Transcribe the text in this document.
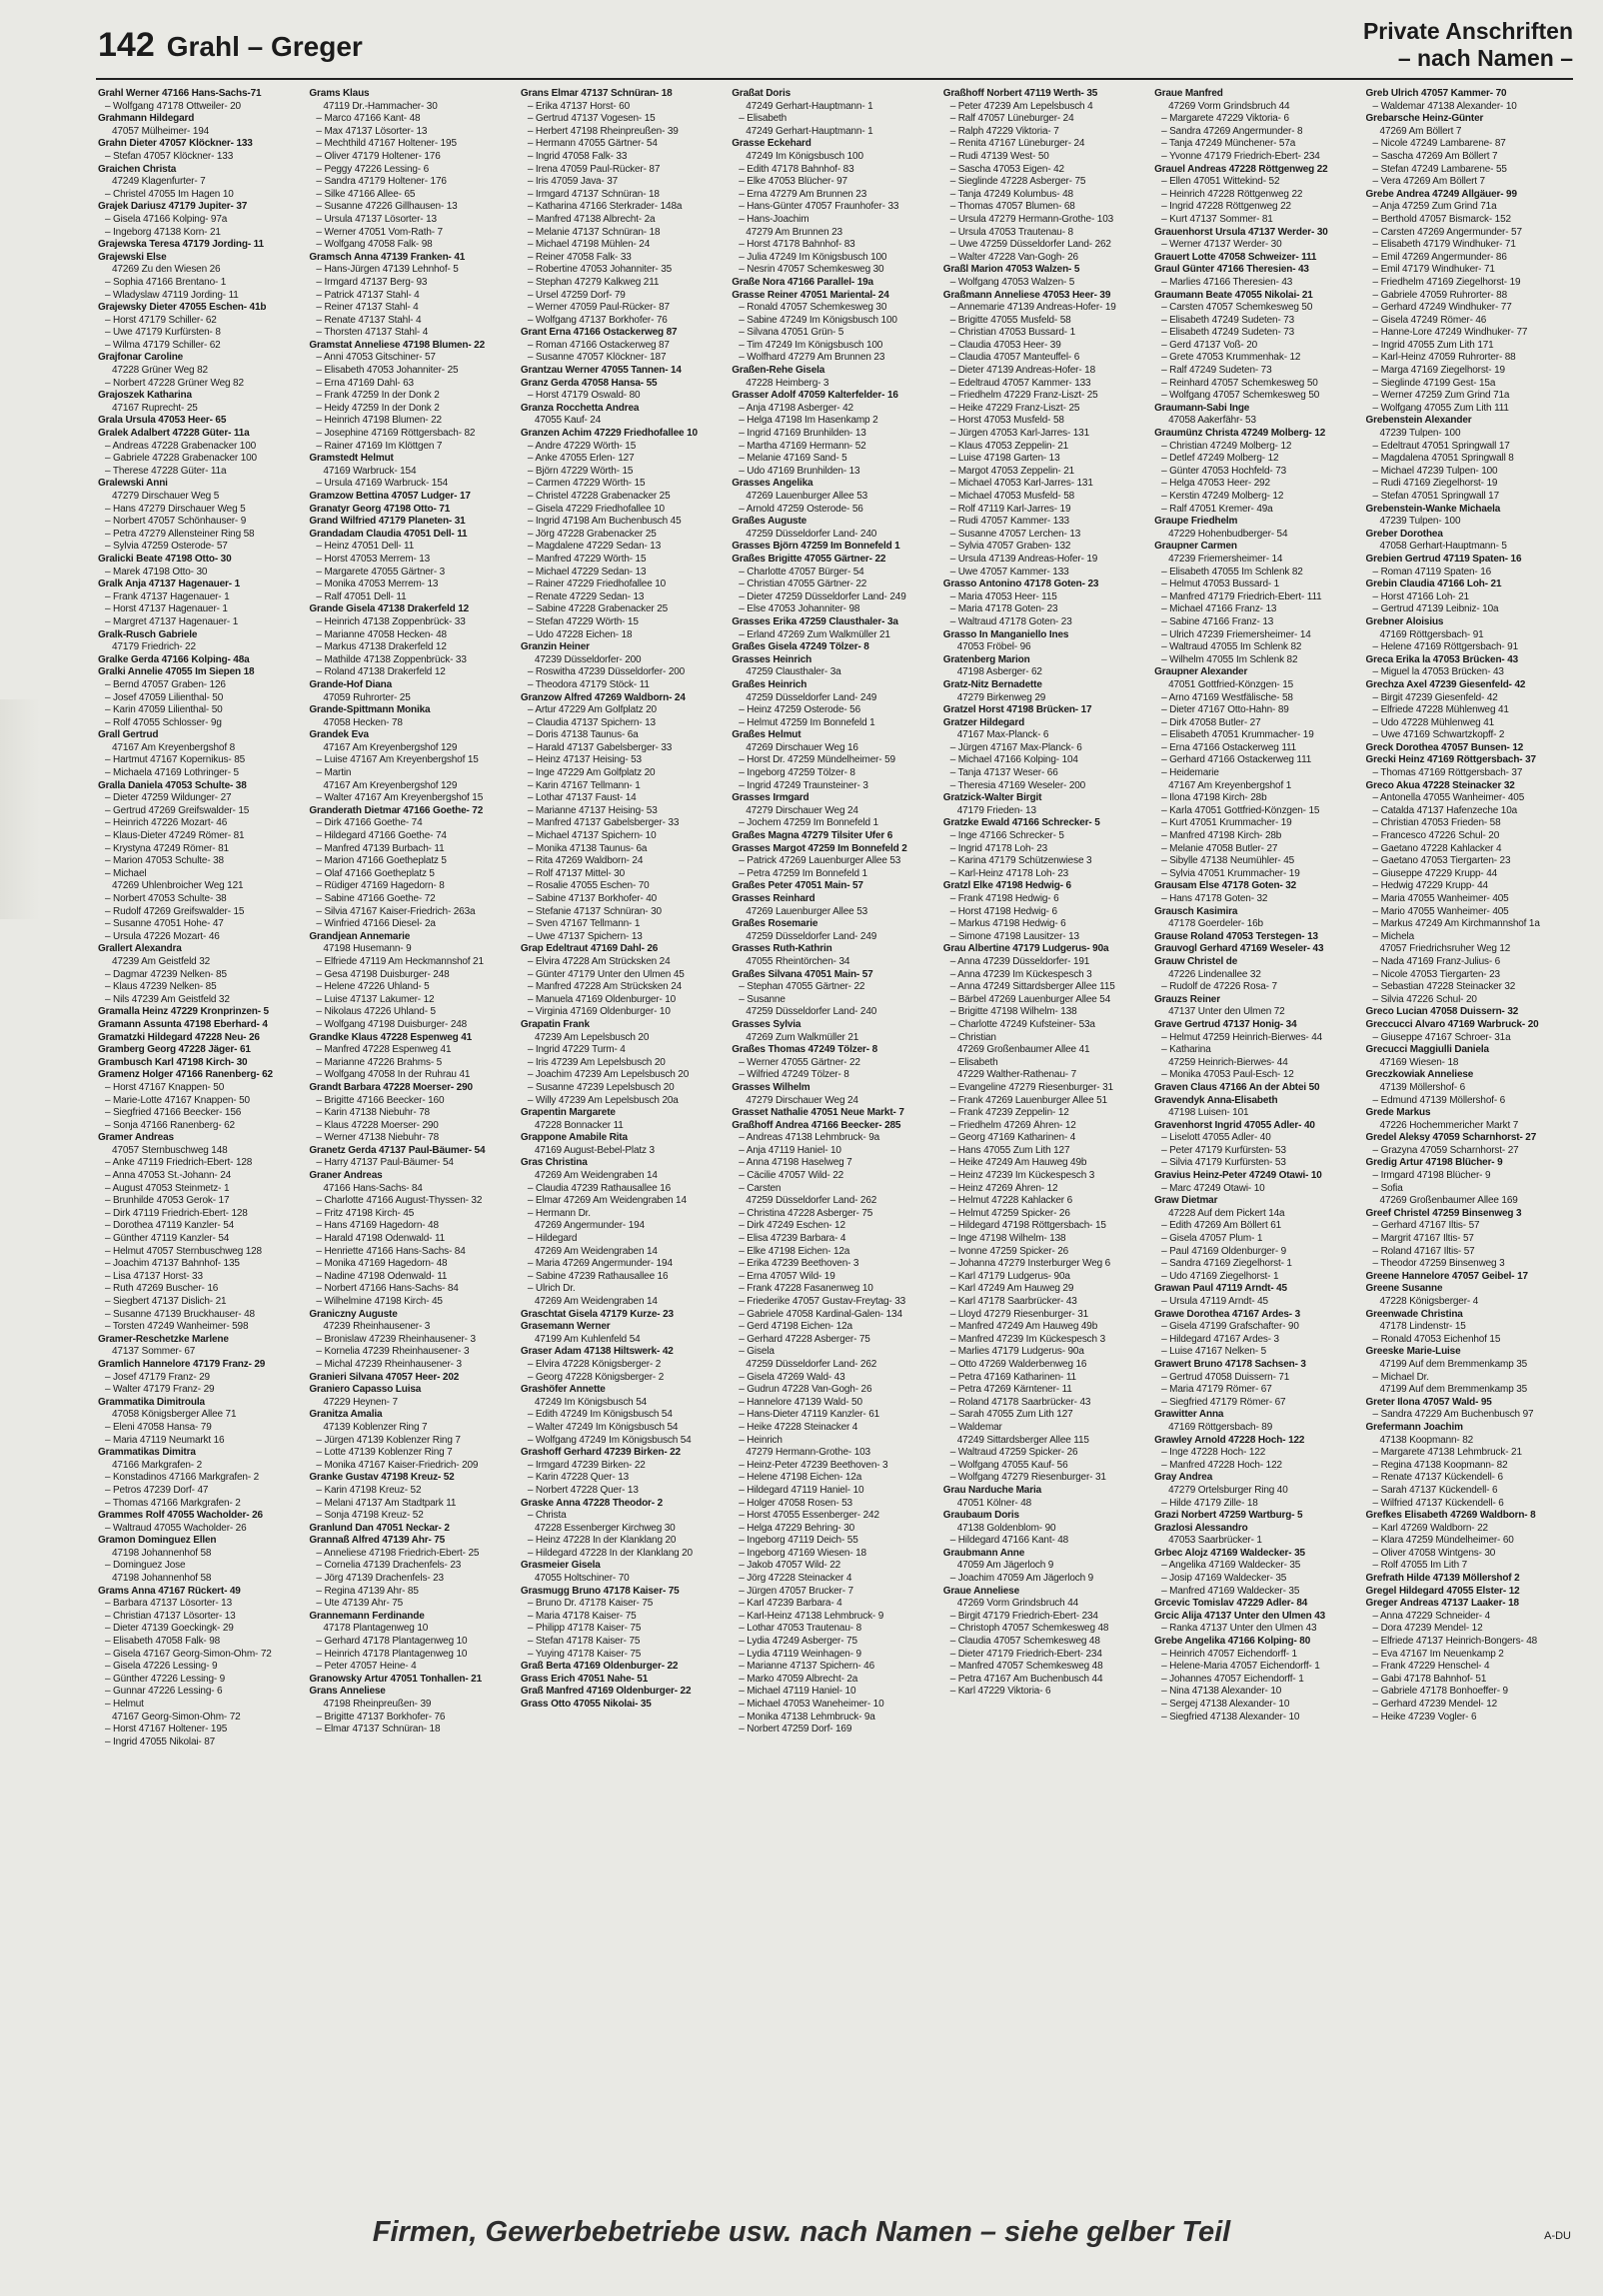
142 Grahl – Greger	Private Anschriften
– nach Namen –
Grahl Werner 47166 Hans-Sachs-71
– Wolfgang 47178 Ottweiler- 20
Grahmann Hildegard
47057 Mülheimer- 194
Grahn Dieter 47057 Klöckner- 133
– Stefan 47057 Klöckner- 133
Graichen Christa
47249 Klagenfurter- 7
– Christel 47055 Im Hagen 10
Grajek Dariusz 47179 Jupiter- 37
– Gisela 47166 Kolping- 97a
– Ingeborg 47138 Korn- 21
Grajewska Teresa 47179 Jording- 11
Grajewski Else
47269 Zu den Wiesen 26
– Sophia 47166 Brentano- 1
– Wladyslaw 47119 Jording- 11
Grajewsky Dieter 47055 Eschen- 41b
– Horst 47179 Schiller- 62
– Uwe 47179 Kurfürsten- 8
– Wilma 47179 Schiller- 62
Grajfonar Caroline
47228 Grüner Weg 82
– Norbert 47228 Grüner Weg 82
Grajoszek Katharina
47167 Ruprecht- 25
Grala Ursula 47053 Heer- 65
Gralek Adalbert 47228 Güter- 11a
– Andreas 47228 Grabenacker 100
– Gabriele 47228 Grabenacker 100
– Therese 47228 Güter- 11a
Gralewski Anni
47279 Dirschauer Weg 5
– Hans 47279 Dirschauer Weg 5
– Norbert 47057 Schönhauser- 9
– Petra 47279 Allensteiner Ring 58
– Sylvia 47259 Osterode- 57
Gralicki Beate 47198 Otto- 30
– Marek 47198 Otto- 30
Gralk Anja 47137 Hagenauer- 1
– Frank 47137 Hagenauer- 1
– Horst 47137 Hagenauer- 1
– Margret 47137 Hagenauer- 1
Gralk-Rusch Gabriele
47179 Friedrich- 22
Gralke Gerda 47166 Kolping- 48a
Gralki Annelie 47055 Im Siepen 18
– Bernd 47057 Graben- 126
– Josef 47059 Lilienthal- 50
– Karin 47059 Lilienthal- 50
– Rolf 47055 Schlosser- 9g
Grall Gertrud
47167 Am Kreyenbergshof 8
– Hartmut 47167 Kopernikus- 85
– Michaela 47169 Lothringer- 5
Gralla Daniela 47053 Schulte- 38
– Dieter 47259 Wildunger- 27
– Gertrud 47269 Greifswalder- 15
– Heinrich 47226 Mozart- 46
– Klaus-Dieter 47249 Römer- 81
– Krystyna 47249 Römer- 81
– Marion 47053 Schulte- 38
– Michael
47269 Uhlenbroicher Weg 121
– Norbert 47053 Schulte- 38
– Rudolf 47269 Greifswalder- 15
– Susanne 47051 Hohe- 47
– Ursula 47226 Mozart- 46
Grallert Alexandra
47239 Am Geistfeld 32
– Dagmar 47239 Nelken- 85
– Klaus 47239 Nelken- 85
– Nils 47239 Am Geistfeld 32
Gramalla Heinz 47229 Kronprinzen- 5
Gramann Assunta 47198 Eberhard- 4
Gramatzki Hildegard 47228 Neu- 26
Gramberg Georg 47228 Jäger- 61
Grambusch Karl 47198 Kirch- 30
Gramenz Holger 47166 Ranenberg- 62
– Horst 47167 Knappen- 50
– Marie-Lotte 47167 Knappen- 50
– Siegfried 47166 Beecker- 156
– Sonja 47166 Ranenberg- 62
Gramer Andreas
47057 Sternbuschweg 148
– Anke 47119 Friedrich-Ebert- 128
– Anna 47053 St.-Johann- 24
– August 47053 Steinmetz- 1
– Brunhilde 47053 Gerok- 17
– Dirk 47119 Friedrich-Ebert- 128
– Dorothea 47119 Kanzler- 54
– Günther 47119 Kanzler- 54
– Helmut 47057 Sternbuschweg 128
– Joachim 47137 Bahnhof- 135
– Lisa 47137 Horst- 33
– Ruth 47269 Buscher- 16
– Siegbert 47137 Dislich- 21
– Susanne 47139 Bruckhauser- 48
– Torsten 47249 Wanheimer- 598
Gramer-Reschetzke Marlene
47137 Sommer- 67
Gramlich Hannelore 47179 Franz- 29
– Josef 47179 Franz- 29
– Walter 47179 Franz- 29
Grammatika Dimitroula
47058 Königsberger Allee 71
– Eleni 47058 Hansa- 79
– Maria 47119 Neumarkt 16
Grammatikas Dimitra
47166 Markgrafen- 2
– Konstadinos 47166 Markgrafen- 2
– Petros 47239 Dorf- 47
– Thomas 47166 Markgrafen- 2
Grammes Rolf 47055 Wacholder- 26
– Waltraud 47055 Wacholder- 26
Gramon Dominguez Ellen
47198 Johannenhof 58
– Dominguez Jose
47198 Johannenhof 58
Grams Anna 47167 Rückert- 49
– Barbara 47137 Lösorter- 13
– Christian 47137 Lösorter- 13
– Dieter 47139 Goeckingk- 29
– Elisabeth 47058 Falk- 98
– Gisela 47167 Georg-Simon-Ohm- 72
– Gisela 47226 Lessing- 9
– Günther 47226 Lessing- 9
– Gunnar 47226 Lessing- 6
– Helmut
47167 Georg-Simon-Ohm- 72
– Horst 47167 Holtener- 195
– Ingrid 47055 Nikolai- 87
Grams Klaus
47119 Dr.-Hammacher- 30
– Marco 47166 Kant- 48
– Max 47137 Lösorter- 13
– Mechthild 47167 Holtener- 195
– Oliver 47179 Holtener- 176
– Peggy 47226 Lessing- 6
– Sandra 47179 Holtener- 176
– Silke 47166 Allee- 65
– Susanne 47226 Gillhausen- 13
– Ursula 47137 Lösorter- 13
– Werner 47051 Vom-Rath- 7
– Wolfgang 47058 Falk- 98
Gramsch Anna 47139 Franken- 41
– Hans-Jürgen 47139 Lehnhof- 5
– Irmgard 47137 Berg- 93
– Patrick 47137 Stahl- 4
– Reiner 47137 Stahl- 4
– Renate 47137 Stahl- 4
– Thorsten 47137 Stahl- 4
Gramstat Anneliese 47198 Blumen- 22
– Anni 47053 Gitschiner- 57
– Elisabeth 47053 Johanniter- 25
– Erna 47169 Dahl- 63
– Frank 47259 In der Donk 2
– Heidy 47259 In der Donk 2
– Heinrich 47198 Blumen- 22
– Josephine 47169 Röttgersbach- 82
– Rainer 47169 Im Klöttgen 7
Gramstedt Helmut
47169 Warbruck- 154
– Ursula 47169 Warbruck- 154
Gramzow Bettina 47057 Ludger- 17
Granatyr Georg 47198 Otto- 71
Grand Wilfried 47179 Planeten- 31
Grandadam Claudia 47051 Dell- 11
– Heinz 47051 Dell- 11
– Horst 47053 Merrem- 13
– Margarete 47055 Gärtner- 3
– Monika 47053 Merrem- 13
– Ralf 47051 Dell- 11
Grande Gisela 47138 Drakerfeld 12
– Heinrich 47138 Zoppenbrück- 33
– Marianne 47058 Hecken- 48
– Markus 47138 Drakerfeld 12
– Mathilde 47138 Zoppenbrück- 33
– Roland 47138 Drakerfeld 12
Grande-Hof Diana
47059 Ruhrorter- 25
Grande-Spittmann Monika
47058 Hecken- 78
Grandek Eva
47167 Am Kreyenbergshof 129
– Luise 47167 Am Kreyenbergshof 15
– Martin
47167 Am Kreyenbergshof 129
– Walter 47167 Am Kreyenbergshof 15
Granderath Dietmar 47166 Goethe- 72
– Dirk 47166 Goethe- 74
– Hildegard 47166 Goethe- 74
– Manfred 47139 Burbach- 11
– Marion 47166 Goetheplatz 5
– Olaf 47166 Goetheplatz 5
– Rüdiger 47169 Hagedorn- 8
– Sabine 47166 Goethe- 72
– Silvia 47167 Kaiser-Friedrich- 263a
– Winfried 47166 Diesel- 2a
Grandjean Annemarie
47198 Husemann- 9
– Elfriede 47119 Am Heckmannshof 21
– Gesa 47198 Duisburger- 248
– Helene 47226 Uhland- 5
– Luise 47137 Lakumer- 12
– Nikolaus 47226 Uhland- 5
– Wolfgang 47198 Duisburger- 248
Grandke Klaus 47228 Espenweg 41
– Manfred 47228 Espenweg 41
– Marianne 47226 Brahms- 5
– Wolfgang 47058 In der Ruhrau 41
Grandt Barbara 47228 Moerser- 290
– Brigitte 47166 Beecker- 160
– Karin 47138 Niebuhr- 78
– Klaus 47228 Moerser- 290
– Werner 47138 Niebuhr- 78
Granetz Gerda 47137 Paul-Bäumer- 54
– Harry 47137 Paul-Bäumer- 54
Graner Andreas
47166 Hans-Sachs- 84
– Charlotte 47166 August-Thyssen- 32
– Fritz 47198 Kirch- 45
– Hans 47169 Hagedorn- 48
– Harald 47198 Odenwald- 11
– Henriette 47166 Hans-Sachs- 84
– Monika 47169 Hagedorn- 48
– Nadine 47198 Odenwald- 11
– Norbert 47166 Hans-Sachs- 84
– Wilhelmine 47198 Kirch- 45
Graniczny Auguste
47239 Rheinhausener- 3
– Bronislaw 47239 Rheinhausener- 3
– Kornelia 47239 Rheinhausener- 3
– Michal 47239 Rheinhausener- 3
Granieri Silvana 47057 Heer- 202
Graniero Capasso Luisa
47229 Heynen- 7
Granitza Amalia
47139 Koblenzer Ring 7
– Jürgen 47139 Koblenzer Ring 7
– Lotte 47139 Koblenzer Ring 7
– Monika 47167 Kaiser-Friedrich- 209
Granke Gustav 47198 Kreuz- 52
– Karin 47198 Kreuz- 52
– Melani 47137 Am Stadtpark 11
– Sonja 47198 Kreuz- 52
Granlund Dan 47051 Neckar- 2
Grannaß Alfred 47139 Ahr- 75
– Anneliese 47198 Friedrich-Ebert- 25
– Cornelia 47139 Drachenfels- 23
– Jörg 47139 Drachenfels- 23
– Regina 47139 Ahr- 85
– Ute 47139 Ahr- 75
Grannemann Ferdinande
47178 Plantagenweg 10
– Gerhard 47178 Plantagenweg 10
– Heinrich 47178 Plantagenweg 10
– Peter 47057 Heine- 4
Granowsky Artur 47051 Tonhallen- 21
Grans Anneliese
47198 Rheinpreußen- 39
– Brigitte 47137 Borkhofer- 76
– Elmar 47137 Schnüran- 18
Grans Elmar 47137 Schnüran- 18
– Erika 47137 Horst- 60
– Gertrud 47137 Vogesen- 15
– Herbert 47198 Rheinpreußen- 39
– Hermann 47055 Gärtner- 54
– Ingrid 47058 Falk- 33
– Irena 47059 Paul-Rücker- 87
– Iris 47059 Java- 37
– Irmgard 47137 Schnüran- 18
– Katharina 47166 Sterkrader- 148a
– Manfred 47138 Albrecht- 2a
– Melanie 47137 Schnüran- 18
– Michael 47198 Mühlen- 24
– Reiner 47058 Falk- 33
– Robertine 47053 Johanniter- 35
– Stephan 47279 Kalkweg 211
– Ursel 47259 Dorf- 79
– Werner 47059 Paul-Rücker- 87
– Wolfgang 47137 Borkhofer- 76
Grant Erna 47166 Ostackerweg 87
– Roman 47166 Ostackerweg 87
– Susanne 47057 Klöckner- 187
Grantzau Werner 47055 Tannen- 14
Granz Gerda 47058 Hansa- 55
– Horst 47179 Oswald- 80
Granza Rocchetta Andrea
47055 Kauf- 24
Granzen Achim 47229 Friedhofallee 10
– Andre 47229 Wörth- 15
– Anke 47055 Erlen- 127
– Björn 47229 Wörth- 15
– Carmen 47229 Wörth- 15
– Christel 47228 Grabenacker 25
– Gisela 47229 Friedhofallee 10
– Ingrid 47198 Am Buchenbusch 45
– Jörg 47228 Grabenacker 25
– Magdalene 47229 Sedan- 13
– Manfred 47229 Wörth- 15
– Michael 47229 Sedan- 13
– Rainer 47229 Friedhofallee 10
– Renate 47229 Sedan- 13
– Sabine 47228 Grabenacker 25
– Stefan 47229 Wörth- 15
– Udo 47228 Eichen- 18
Granzin Heiner
47239 Düsseldorfer- 200
– Roswitha 47239 Düsseldorfer- 200
– Theodora 47179 Stöck- 11
Granzow Alfred 47269 Waldborn- 24
– Artur 47229 Am Golfplatz 20
– Claudia 47137 Spichern- 13
– Doris 47138 Taunus- 6a
– Harald 47137 Gabelsberger- 33
– Heinz 47137 Heising- 53
– Inge 47229 Am Golfplatz 20
– Karin 47167 Tellmann- 1
– Lothar 47137 Faust- 14
– Marianne 47137 Heising- 53
– Manfred 47137 Gabelsberger- 33
– Michael 47137 Spichern- 10
– Monika 47138 Taunus- 6a
– Rita 47269 Waldborn- 24
– Rolf 47137 Mittel- 30
– Rosalie 47055 Eschen- 70
– Sabine 47137 Borkhofer- 40
– Stefanie 47137 Schnüran- 30
– Sven 47167 Tellmann- 1
– Uwe 47137 Spichern- 13
Grap Edeltraut 47169 Dahl- 26
– Elvira 47228 Am Strücksken 24
– Günter 47179 Unter den Ulmen 45
– Manfred 47228 Am Strücksken 24
– Manuela 47169 Oldenburger- 10
– Virginia 47169 Oldenburger- 10
Grapatin Frank
47239 Am Lepelsbusch 20
– Ingrid 47229 Turm- 4
– Iris 47239 Am Lepelsbusch 20
– Joachim 47239 Am Lepelsbusch 20
– Susanne 47239 Lepelsbusch 20
– Willy 47239 Am Lepelsbusch 20a
Grapentin Margarete
47228 Bonnacker 11
Grappone Amabile Rita
47169 August-Bebel-Platz 3
Gras Christina
47269 Am Weidengraben 14
– Claudia 47239 Rathausallee 16
– Elmar 47269 Am Weidengraben 14
– Hermann Dr.
47269 Angermunder- 194
– Hildegard
47269 Am Weidengraben 14
– Maria 47269 Angermunder- 194
– Sabine 47239 Rathausallee 16
– Ulrich Dr.
47269 Am Weidengraben 14
Graschtat Gisela 47179 Kurze- 23
Grasemann Werner
47199 Am Kuhlenfeld 54
Graser Adam 47138 Hiltswerk- 42
– Elvira 47228 Königsberger- 2
– Georg 47228 Königsberger- 2
Grashöfer Annette
47249 Im Königsbusch 54
– Edith 47249 Im Königsbusch 54
– Walter 47249 Im Königsbusch 54
– Wolfgang 47249 Im Königsbusch 54
Grashoff Gerhard 47239 Birken- 22
– Irmgard 47239 Birken- 22
– Karin 47228 Quer- 13
– Norbert 47228 Quer- 13
Graske Anna 47228 Theodor- 2
– Christa
47228 Essenberger Kirchweg 30
– Heinz 47228 In der Klanklang 20
– Hildegard 47228 In der Klanklang 20
Grasmeier Gisela
47055 Holtschiner- 70
Grasmugg Bruno 47178 Kaiser- 75
– Bruno Dr. 47178 Kaiser- 75
– Maria 47178 Kaiser- 75
– Philipp 47178 Kaiser- 75
– Stefan 47178 Kaiser- 75
– Yuying 47178 Kaiser- 75
Graß Berta 47169 Oldenburger- 22
Grass Erich 47051 Nahe- 51
Graß Manfred 47169 Oldenburger- 22
Grass Otto 47055 Nikolai- 35
Graßat Doris
47249 Gerhart-Hauptmann- 1
– Elisabeth
47249 Gerhart-Hauptmann- 1
Grasse Eckehard
47249 Im Königsbusch 100
– Edith 47178 Bahnhof- 83
– Elke 47053 Blücher- 97
– Erna 47279 Am Brunnen 23
– Hans-Günter 47057 Fraunhofer- 33
– Hans-Joachim
47279 Am Brunnen 23
– Horst 47178 Bahnhof- 83
– Julia 47249 Im Königsbusch 100
– Nesrin 47057 Schemkesweg 30
Graße Nora 47166 Parallel- 19a
Grasse Reiner 47051 Mariental- 24
– Ronald 47057 Schemkesweg 30
– Sabine 47249 Im Königsbusch 100
– Silvana 47051 Grün- 5
– Tim 47249 Im Königsbusch 100
– Wolfhard 47279 Am Brunnen 23
Graßen-Rehe Gisela
47228 Heimberg- 3
Grasser Adolf 47059 Kalterfelder- 16
– Anja 47198 Asberger- 42
– Helga 47198 Im Hasenkamp 2
– Ingrid 47169 Brunhilden- 13
– Martha 47169 Hermann- 52
– Melanie 47169 Sand- 5
– Udo 47169 Brunhilden- 13
Grasses Angelika
47269 Lauenburger Allee 53
– Arnold 47259 Osterode- 56
Graßes Auguste
47259 Düsseldorfer Land- 240
Grasses Björn 47259 Im Bonnefeld 1
Graßes Brigitte 47055 Gärtner- 22
– Charlotte 47057 Bürger- 54
– Christian 47055 Gärtner- 22
– Dieter 47259 Düsseldorfer Land- 249
– Else 47053 Johanniter- 98
Grasses Erika 47259 Clausthaler- 3a
– Erland 47269 Zum Walkmüller 21
Graßes Gisela 47249 Tölzer- 8
Grasses Heinrich
47259 Clausthaler- 3a
Graßes Heinrich
47259 Düsseldorfer Land- 249
– Heinz 47259 Osterode- 56
– Helmut 47259 Im Bonnefeld 1
Graßes Helmut
47269 Dirschauer Weg 16
– Horst Dr. 47259 Mündelheimer- 59
– Ingeborg 47259 Tölzer- 8
– Ingrid 47249 Traunsteiner- 3
Grasses Irmgard
47279 Dirschauer Weg 24
– Jochem 47259 Im Bonnefeld 1
Graßes Magna 47279 Tilsiter Ufer 6
Grasses Margot 47259 Im Bonnefeld 2
– Patrick 47269 Lauenburger Allee 53
– Petra 47259 Im Bonnefeld 1
Graßes Peter 47051 Main- 57
Grasses Reinhard
47269 Lauenburger Allee 53
Graßes Rosemarie
47259 Düsseldorfer Land- 249
Grasses Ruth-Kathrin
47055 Rheintörchen- 34
Graßes Silvana 47051 Main- 57
– Stephan 47055 Gärtner- 22
– Susanne
47259 Düsseldorfer Land- 240
Grasses Sylvia
47269 Zum Walkmüller 21
Graßes Thomas 47249 Tölzer- 8
– Werner 47055 Gärtner- 22
– Wilfried 47249 Tölzer- 8
Grasses Wilhelm
47279 Dirschauer Weg 24
Grasset Nathalie 47051 Neue Markt- 7
Graßhoff Andrea 47166 Beecker- 285
– Andreas 47138 Lehmbruck- 9a
– Anja 47119 Haniel- 10
– Anna 47198 Haselweg 7
– Cäcilie 47057 Wild- 22
– Carsten
47259 Düsseldorfer Land- 262
– Christina 47228 Asberger- 75
– Dirk 47249 Eschen- 12
– Elisa 47239 Barbara- 4
– Elke 47198 Eichen- 12a
– Erika 47239 Beethoven- 3
– Erna 47057 Wild- 19
– Frank 47228 Fasanenweg 10
– Friederike 47057 Gustav-Freytag- 33
– Gabriele 47058 Kardinal-Galen- 134
– Gerd 47198 Eichen- 12a
– Gerhard 47228 Asberger- 75
– Gisela
47259 Düsseldorfer Land- 262
– Gisela 47269 Wald- 43
– Gudrun 47228 Van-Gogh- 26
– Hannelore 47139 Wald- 50
– Hans-Dieter 47119 Kanzler- 61
– Heike 47228 Steinacker 4
– Heinrich
47279 Hermann-Grothe- 103
– Heinz-Peter 47239 Beethoven- 3
– Helene 47198 Eichen- 12a
– Hildegard 47119 Haniel- 10
– Holger 47058 Rosen- 53
– Horst 47055 Essenberger- 242
– Helga 47229 Behring- 30
– Ingeborg 47119 Deich- 55
– Ingeborg 47169 Wiesen- 18
– Jakob 47057 Wild- 22
– Jörg 47228 Steinacker 4
– Jürgen 47057 Brucker- 7
– Karl 47239 Barbara- 4
– Karl-Heinz 47138 Lehmbruck- 9
– Lothar 47053 Trautenau- 8
– Lydia 47249 Asberger- 75
– Lydia 47119 Weinhagen- 9
– Marianne 47137 Spichern- 46
– Marko 47059 Albrecht- 2a
– Michael 47119 Haniel- 10
– Michael 47053 Waneheimer- 10
– Monika 47138 Lehmbruck- 9a
– Norbert 47259 Dorf- 169
Graßhoff Norbert 47119 Werth- 35
– Peter 47239 Am Lepelsbusch 4
– Ralf 47057 Lüneburger- 24
– Ralph 47229 Viktoria- 7
– Renita 47167 Lüneburger- 24
– Rudi 47139 West- 50
– Sascha 47053 Eigen- 42
– Sieglinde 47228 Asberger- 75
– Tanja 47249 Kolumbus- 48
– Thomas 47057 Blumen- 68
– Ursula 47279 Hermann-Grothe- 103
– Ursula 47053 Trautenau- 8
– Uwe 47259 Düsseldorfer Land- 262
– Walter 47228 Van-Gogh- 26
Graßl Marion 47053 Walzen- 5
– Wolfgang 47053 Walzen- 5
Graßmann Anneliese 47053 Heer- 39
– Annemarie 47139 Andreas-Hofer- 19
– Brigitte 47055 Musfeld- 58
– Christian 47053 Bussard- 1
– Claudia 47053 Heer- 39
– Claudia 47057 Manteuffel- 6
– Dieter 47139 Andreas-Hofer- 18
– Edeltraud 47057 Kammer- 133
– Friedhelm 47229 Franz-Liszt- 25
– Heike 47229 Franz-Liszt- 25
– Horst 47053 Musfeld- 58
– Jürgen 47053 Karl-Jarres- 131
– Klaus 47053 Zeppelin- 21
– Luise 47198 Garten- 13
– Margot 47053 Zeppelin- 21
– Michael 47053 Karl-Jarres- 131
– Michael 47053 Musfeld- 58
– Rolf 47119 Karl-Jarres- 19
– Rudi 47057 Kammer- 133
– Susanne 47057 Lerchen- 13
– Sylvia 47057 Graben- 132
– Ursula 47139 Andreas-Hofer- 19
– Uwe 47057 Kammer- 133
Grasso Antonino 47178 Goten- 23
– Maria 47053 Heer- 115
– Maria 47178 Goten- 23
– Waltraud 47178 Goten- 23
Grasso In Manganiello Ines
47053 Fröbel- 96
Gratenberg Marion
47198 Asberger- 62
Gratz-Nitz Bernadette
47279 Birkenweg 29
Gratzel Horst 47198 Brücken- 17
Gratzer Hildegard
47167 Max-Planck- 6
– Jürgen 47167 Max-Planck- 6
– Michael 47166 Kolping- 104
– Tanja 47137 Weser- 66
– Theresia 47169 Weseler- 200
Gratzick-Walter Birgit
47179 Frieden- 13
Gratzke Ewald 47166 Schrecker- 5
– Inge 47166 Schrecker- 5
– Ingrid 47178 Loh- 23
– Karina 47179 Schützenwiese 3
– Karl-Heinz 47178 Loh- 23
Gratzl Elke 47198 Hedwig- 6
– Frank 47198 Hedwig- 6
– Horst 47198 Hedwig- 6
– Markus 47198 Hedwig- 6
– Simone 47198 Lausitzer- 13
Grau Albertine 47179 Ludgerus- 90a
– Anna 47239 Düsseldorfer- 191
– Anna 47239 Im Kückespesch 3
– Anna 47249 Sittardsberger Allee 115
– Bärbel 47269 Lauenburger Allee 54
– Brigitte 47198 Wilhelm- 138
– Charlotte 47249 Kufsteiner- 53a
– Christian
47269 Großenbaumer Allee 41
– Elisabeth
47229 Walther-Rathenau- 7
– Evangeline 47279 Riesenburger- 31
– Frank 47269 Lauenburger Allee 51
– Frank 47239 Zeppelin- 12
– Friedhelm 47269 Ähren- 12
– Georg 47169 Katharinen- 4
– Hans 47055 Zum Lith 127
– Heike 47249 Am Hauweg 49b
– Heinz 47239 Im Kückespesch 3
– Heinz 47269 Ähren- 12
– Helmut 47228 Kahlacker 6
– Helmut 47259 Spicker- 26
– Hildegard 47198 Röttgersbach- 15
– Inge 47198 Wilhelm- 138
– Ivonne 47259 Spicker- 26
– Johanna 47279 Insterburger Weg 6
– Karl 47179 Ludgerus- 90a
– Karl 47249 Am Hauweg 29
– Karl 47178 Saarbrücker- 43
– Lloyd 47279 Riesenburger- 31
– Manfred 47249 Am Hauweg 49b
– Manfred 47239 Im Kückespesch 3
– Marlies 47179 Ludgerus- 90a
– Otto 47269 Walderbenweg 16
– Petra 47169 Katharinen- 11
– Petra 47269 Kärntener- 11
– Roland 47178 Saarbrücker- 43
– Sarah 47055 Zum Lith 127
– Waldemar
47249 Sittardsberger Allee 115
– Waltraud 47259 Spicker- 26
– Wolfgang 47055 Kauf- 56
– Wolfgang 47279 Riesenburger- 31
Grau Narduche Maria
47051 Kölner- 48
Graubaum Doris
47138 Goldenblom- 90
– Hildegard 47166 Kant- 48
Graubmann Anne
47059 Am Jägerloch 9
– Joachim 47059 Am Jägerloch 9
Graue Anneliese
47269 Vorm Grindsbruch 44
– Birgit 47179 Friedrich-Ebert- 234
– Christoph 47057 Schemkesweg 48
– Claudia 47057 Schemkesweg 48
– Dieter 47179 Friedrich-Ebert- 234
– Manfred 47057 Schemkesweg 48
– Petra 47167 Am Buchenbusch 44
– Karl 47229 Viktoria- 6
Graue Manfred
47269 Vorm Grindsbruch 44
– Margarete 47229 Viktoria- 6
– Sandra 47269 Angermunder- 8
– Tanja 47249 Münchener- 57a
– Yvonne 47179 Friedrich-Ebert- 234
Grauel Andreas 47228 Röttgenweg 22
– Ellen 47051 Wittekind- 52
– Heinrich 47228 Röttgenweg 22
– Ingrid 47228 Röttgenweg 22
– Kurt 47137 Sommer- 81
Grauenhorst Ursula 47137 Werder- 30
– Werner 47137 Werder- 30
Grauert Lotte 47058 Schweizer- 111
Graul Günter 47166 Theresien- 43
– Marlies 47166 Theresien- 43
Graumann Beate 47055 Nikolai- 21
– Carsten 47057 Schemkesweg 50
– Elisabeth 47249 Sudeten- 73
– Elisabeth 47249 Sudeten- 73
– Gerd 47137 Voß- 20
– Grete 47053 Krummenhak- 12
– Ralf 47249 Sudeten- 73
– Reinhard 47057 Schemkesweg 50
– Wolfgang 47057 Schemkesweg 50
Graumann-Sabi Inge
47058 Aakerfähr- 53
Graumünz Christa 47249 Molberg- 12
– Christian 47249 Molberg- 12
– Detlef 47249 Molberg- 12
– Günter 47053 Hochfeld- 73
– Helga 47053 Heer- 292
– Kerstin 47249 Molberg- 12
– Ralf 47051 Kremer- 49a
Graupe Friedhelm
47229 Hohenbudberger- 54
Graupner Carmen
47239 Friemersheimer- 14
– Elisabeth 47055 Im Schlenk 82
– Helmut 47053 Bussard- 1
– Manfred 47179 Friedrich-Ebert- 111
– Michael 47166 Franz- 13
– Sabine 47166 Franz- 13
– Ulrich 47239 Friemersheimer- 14
– Waltraud 47055 Im Schlenk 82
– Wilhelm 47055 Im Schlenk 82
Graupner Alexander
47051 Gottfried-Könzgen- 15
– Arno 47169 Westfälische- 58
– Dieter 47167 Otto-Hahn- 89
– Dirk 47058 Butler- 27
– Elisabeth 47051 Krummacher- 19
– Erna 47166 Ostackerweg 111
– Gerhard 47166 Ostackerweg 111
– Heidemarie
47167 Am Kreyenbergshof 1
– Ilona 47198 Kirch- 28b
– Karla 47051 Gottfried-Könzgen- 15
– Kurt 47051 Krummacher- 19
– Manfred 47198 Kirch- 28b
– Melanie 47058 Butler- 27
– Sibylle 47138 Neumühler- 45
– Sylvia 47051 Krummacher- 19
Grausam Else 47178 Goten- 32
– Hans 47178 Goten- 32
Grausch Kasimira
47178 Goerdeler- 16b
Grause Roland 47053 Terstegen- 13
Grauvogl Gerhard 47169 Weseler- 43
Grauw Christel de
47226 Lindenallee 32
– Rudolf de 47226 Rosa- 7
Grauzs Reiner
47137 Unter den Ulmen 72
Grave Gertrud 47137 Honig- 34
– Helmut 47259 Heinrich-Bierwes- 44
– Katharina
47259 Heinrich-Bierwes- 44
– Monika 47053 Paul-Esch- 12
Graven Claus 47166 An der Abtei 50
Gravendyk Anna-Elisabeth
47198 Luisen- 101
Gravenhorst Ingrid 47055 Adler- 40
– Liselott 47055 Adler- 40
– Peter 47179 Kurfürsten- 53
– Silvia 47179 Kurfürsten- 53
Gravius Heinz-Peter 47249 Otawi- 10
– Marc 47249 Otawi- 10
Graw Dietmar
47228 Auf dem Pickert 14a
– Edith 47269 Am Böllert 61
– Gisela 47057 Plum- 1
– Paul 47169 Oldenburger- 9
– Sandra 47169 Ziegelhorst- 1
– Udo 47169 Ziegelhorst- 1
Grawan Paul 47119 Arndt- 45
– Ursula 47119 Arndt- 45
Grawe Dorothea 47167 Ardes- 3
– Gisela 47199 Grafschafter- 90
– Hildegard 47167 Ardes- 3
– Luise 47167 Nelken- 5
Grawert Bruno 47178 Sachsen- 3
– Gertrud 47058 Duissern- 71
– Maria 47179 Römer- 67
– Siegfried 47179 Römer- 67
Grawitter Anna
47169 Röttgersbach- 89
Grawley Arnold 47228 Hoch- 122
– Inge 47228 Hoch- 122
– Manfred 47228 Hoch- 122
Gray Andrea
47279 Ortelsburger Ring 40
– Hilde 47179 Zille- 18
Grazi Norbert 47259 Wartburg- 5
Grazlosi Alessandro
47053 Saarbrücker- 1
Grbec Alojz 47169 Waldecker- 35
– Angelika 47169 Waldecker- 35
– Josip 47169 Waldecker- 35
– Manfred 47169 Waldecker- 35
Grcevic Tomislav 47229 Adler- 84
Grcic Alija 47137 Unter den Ulmen 43
– Ranka 47137 Unter den Ulmen 43
Grebe Angelika 47166 Kolping- 80
– Heinrich 47057 Eichendorff- 1
– Helene-Maria 47057 Eichendorff- 1
– Johannes 47057 Eichendorff- 1
– Nina 47138 Alexander- 10
– Sergej 47138 Alexander- 10
– Siegfried 47138 Alexander- 10
Greb Ulrich 47057 Kammer- 70
– Waldemar 47138 Alexander- 10
Grebarsche Heinz-Günter
47269 Am Böllert 7
– Nicole 47249 Lambarene- 87
– Sascha 47269 Am Böllert 7
– Stefan 47249 Lambarene- 55
– Vera 47269 Am Böllert 7
Grebe Andrea 47249 Allgäuer- 99
– Anja 47259 Zum Grind 71a
– Berthold 47057 Bismarck- 152
– Carsten 47269 Angermunder- 57
– Elisabeth 47179 Windhuker- 71
– Emil 47269 Angermunder- 86
– Emil 47179 Windhuker- 71
– Friedhelm 47169 Ziegelhorst- 19
– Gabriele 47059 Ruhrorter- 88
– Gerhard 47249 Windhuker- 77
– Gisela 47249 Römer- 46
– Hanne-Lore 47249 Windhuker- 77
– Ingrid 47055 Zum Lith 171
– Karl-Heinz 47059 Ruhrorter- 88
– Marga 47169 Ziegelhorst- 19
– Sieglinde 47199 Gest- 15a
– Werner 47259 Zum Grind 71a
– Wolfgang 47055 Zum Lith 111
Grebenstein Alexander
47239 Tulpen- 100
– Edeltraut 47051 Springwall 17
– Magdalena 47051 Springwall 8
– Michael 47239 Tulpen- 100
– Rudi 47169 Ziegelhorst- 19
– Stefan 47051 Springwall 17
Grebenstein-Wanke Michaela
47239 Tulpen- 100
Greber Dorothea
47058 Gerhart-Hauptmann- 5
Grebien Gertrud 47119 Spaten- 16
– Roman 47119 Spaten- 16
Grebin Claudia 47166 Loh- 21
– Horst 47166 Loh- 21
– Gertrud 47139 Leibniz- 10a
Grebner Aloisius
47169 Röttgersbach- 91
– Helene 47169 Röttgersbach- 91
Greca Erika la 47053 Brücken- 43
– Miguel la 47053 Brücken- 43
Grechza Axel 47239 Giesenfeld- 42
– Birgit 47239 Giesenfeld- 42
– Elfriede 47228 Mühlenweg 41
– Udo 47228 Mühlenweg 41
– Uwe 47169 Schwartzkopff- 2
Greck Dorothea 47057 Bunsen- 12
Grecki Heinz 47169 Röttgersbach- 37
– Thomas 47169 Röttgersbach- 37
Greco Akua 47228 Steinacker 32
– Antonella 47055 Wanheimer- 405
– Catalda 47137 Hafenzeche 10a
– Christian 47053 Frieden- 58
– Francesco 47226 Schul- 20
– Gaetano 47228 Kahlacker 4
– Gaetano 47053 Tiergarten- 23
– Giuseppe 47229 Krupp- 44
– Hedwig 47229 Krupp- 44
– Maria 47055 Wanheimer- 405
– Mario 47055 Wanheimer- 405
– Markus 47249 Am Kirchmannshof 1a
– Michela
47057 Friedrichsruher Weg 12
– Nada 47169 Franz-Julius- 6
– Nicole 47053 Tiergarten- 23
– Sebastian 47228 Steinacker 32
– Silvia 47226 Schul- 20
Greco Lucian 47058 Duissern- 32
Greccucci Alvaro 47169 Warbruck- 20
– Giuseppe 47167 Schroer- 31a
Grecucci Maggiulli Daniela
47169 Wiesen- 18
Greczkowiak Anneliese
47139 Möllershof- 6
– Edmund 47139 Möllershof- 6
Grede Markus
47226 Hochemmericher Markt 7
Gredel Aleksy 47059 Scharnhorst- 27
– Grazyna 47059 Scharnhorst- 27
Gredig Artur 47198 Blücher- 9
– Irmgard 47198 Blücher- 9
– Sofia
47269 Großenbaumer Allee 169
Greef Christel 47259 Binsenweg 3
– Gerhard 47167 Iltis- 57
– Margrit 47167 Iltis- 57
– Roland 47167 Iltis- 57
– Theodor 47259 Binsenweg 3
Greene Hannelore 47057 Geibel- 17
Greene Susanne
47228 Königsberger- 4
Greenwade Christina
47178 Lindenstr- 15
– Ronald 47053 Eichenhof 15
Greeske Marie-Luise
47199 Auf dem Bremmenkamp 35
– Michael Dr.
47199 Auf dem Bremmenkamp 35
Greter Ilona 47057 Wald- 95
– Sandra 47229 Am Buchenbusch 97
Grefermann Joachim
47138 Koopmann- 82
– Margarete 47138 Lehmbruck- 21
– Regina 47138 Koopmann- 82
– Renate 47137 Kückendell- 6
– Sarah 47137 Kückendell- 6
– Wilfried 47137 Kückendell- 6
Grefkes Elisabeth 47269 Waldborn- 8
– Karl 47269 Waldborn- 22
– Klara 47259 Mündelheimer- 60
– Oliver 47058 Wintgens- 30
– Rolf 47055 Im Lith 7
Grefrath Hilde 47139 Möllershof 2
Gregel Hildegard 47055 Elster- 12
Greger Andreas 47137 Laaker- 18
– Anna 47229 Schneider- 4
– Dora 47239 Mendel- 12
– Elfriede 47137 Heinrich-Bongers- 48
– Eva 47167 Im Neuenkamp 2
– Frank 47229 Henschel- 4
– Gabi 47178 Bahnhof- 51
– Gabriele 47178 Bonhoeffer- 9
– Gerhard 47239 Mendel- 12
– Heike 47239 Vogler- 6
Firmen, Gewerbebetriebe usw. nach Namen – siehe gelber Teil	A-DU
